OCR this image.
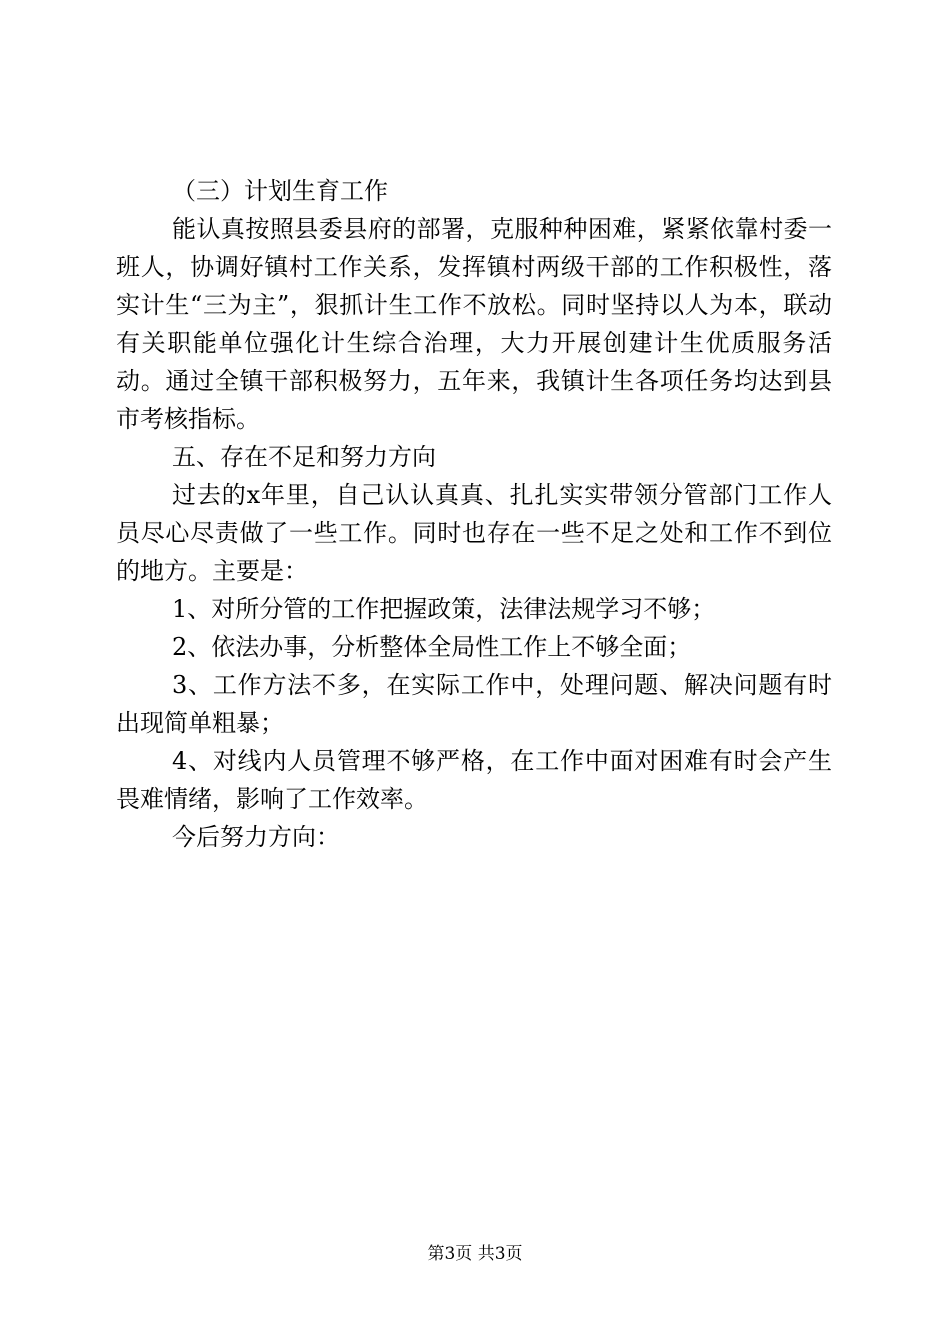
（三）计划生育工作

能认真按照县委县府的部署，克服种种困难，紧紧依靠村委一班人，协调好镇村工作关系，发挥镇村两级干部的工作积极性，落实计生“三为主”，狠抓计生工作不放松。同时坚持以人为本，联动有关职能单位强化计生综合治理，大力开展创建计生优质服务活动。通过全镇干部积极努力，五年来，我镇计生各项任务均达到县市考核指标。

五、存在不足和努力方向

过去的x年里，自己认认真真、扎扎实实带领分管部门工作人员尽心尽责做了一些工作。同时也存在一些不足之处和工作不到位的地方。主要是：

1、对所分管的工作把握政策，法律法规学习不够；

2、依法办事，分析整体全局性工作上不够全面；

3、工作方法不多，在实际工作中，处理问题、解决问题有时出现简单粗暴；

4、对线内人员管理不够严格，在工作中面对困难有时会产生畏难情绪，影响了工作效率。

今后努力方向：

第3页 共3页
